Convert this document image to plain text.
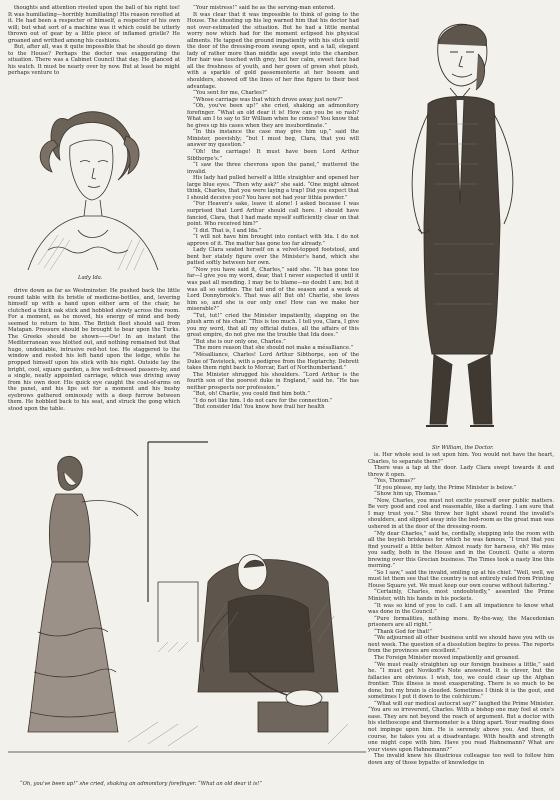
thoughts and attention riveted upon the ball of his right toe! It was humiliating—horribly humiliating! His reason revolted at it. He had been a respecter of himself, a respecter of his own will; but what sort of a machine was it which could be utterly thrown out of gear by a little piece of inflamed gristle? He groaned and writhed among his cushions.

But, after all, was it quite impossible that he should go down to the House? Perhaps the doctor was exaggerating the situation. There was a Cabinet Council that day. He glanced at his watch. It must be nearly over by now. But at least he might perhaps venture to

Lady Ida.

drive down as far as Westminster. He pushed back the little round table with its bristle of medicine-bottles, and, levering himself up with a hand upon either arm of the chair, he clutched a thick oak stick and hobbled slowly across the room. For a moment, as he moved, his energy of mind and body seemed to return to him. The British fleet should sail from Matapan. Pressure should be brought to bear upon the Turks. The Greeks should be shown——Ow! In an instant the Mediterranean was blotted out, and nothing remained but that huge, undeniable, intrusive red-hot toe. He staggered to the window and rested his left hand upon the ledge, while he propped himself upon his stick with his right. Outside lay the bright, cool, square garden, a few well-dressed passers-by, and a single, neatly appointed carriage, which was driving away from his own door. His quick eye caught the coat-of-arms on the panel, and his lips set for a moment and his bushy eyebrows gathered ominously with a deep furrow between them. He hobbled back to his seat, and struck the gong which stood upon the table.

“Your mistress!” said he as the serving-man entered.

It was clear that it was impossible to think of going to the House. The shooting up his leg warned him that his doctor had not over-estimated the situation. But he had a little mental worry now which had for the moment eclipsed his physical ailments. He tapped the ground impatiently with his stick until the door of the dressing-room swung open, and a tall, elegant lady of rather more than middle age swept into the chamber. Her hair was touched with grey, but her calm, sweet face had all the freshness of youth, and her gown of green shot plush, with a sparkle of gold passementerie at her bosom and shoulders, showed off the lines of her fine figure to their best advantage.

“You sent for me, Charles?”

“Whose carriage was that which drove away just now?”

“Oh, you've been up!” she cried, shaking an admonitory forefinger. “What an old dear it is! How can you be so rash? What am I to say to Sir William when he comes? You know that he gives up his cases when they are insubordinate.”

“In this instance the case may give him up,” said the Minister, peevishly; “but I must beg, Clara, that you will answer my question.”

“Oh! the carriage! It must have been Lord Arthur Sibthorpe's.”

“I saw the three chevrons upon the panel,” muttered the invalid.

His lady had pulled herself a little straighter and opened her large blue eyes. “Then why ask?” she said. “One might almost think, Charles, that you were laying a trap! Did you expect that I should deceive you? You have not had your lithia powder.”

“For Heaven's sake, leave it alone! I asked because I was surprised that Lord Arthur should call here. I should have fancied, Clara, that I had made myself sufficiently clear on that point. Who received him?”

“I did. That is, I and Ida.”

“I will not have him brought into contact with Ida. I do not approve of it. The matter has gone too far already.”

Lady Clara seated herself on a velvet-topped footstool, and bent her stately figure over the Minister's hand, which she patted softly between her own.

“Now you have said it, Charles,” said she. “It has gone too far—I give you my word, dear, that I never suspected it until it was past all mending. I may be to blame—no doubt I am; but it was all so sudden. The tail end of the season and a week at Lord Donnybrook's. That was all! But oh! Charlie, she loves him so, and she is our only one! How can we make her miserable?”

“Tut, tut!” cried the Minister impatiently, slapping on the plush arm of his chair. “This is too much. I tell you, Clara, I give you my word, that all my official duties, all the affairs of this great empire, do not give me the trouble that Ida does.”

“But she is our only one, Charles.”

“The more reason that she should not make a mésalliance.”

“Mésalliance, Charles! Lord Arthur Sibthorpe, son of the Duke of Tavistock, with a pedigree from the Heptarchy. Debrett takes them right back to Morcar, Earl of Northumberland.”

The Minister shrugged his shoulders. “Lord Arthur is the fourth son of the poorest duke in England,” said he. “He has neither prospects nor profession.”

“But, oh! Charlie, you could find him both.”

“I do not like him. I do not care for the connection.”

“But consider Ida! You know how frail her health

Sir William, the Doctor.
“Oh, you've been up!” she cried, shaking an admonitory forefinger. “What an old dear it is!”

is. Her whole soul is set upon him. You would not have the heart, Charles, to separate them?”

There was a tap at the door. Lady Clara swept towards it and threw it open.

“Yes, Thomas?”

“If you please, my lady, the Prime Minister is below.”

“Show him up, Thomas.”

“Now, Charles, you must not excite yourself over public matters. Be very good and cool and reasonable, like a darling. I am sure that I may trust you.” She threw her light shawl round the invalid's shoulders, and slipped away into the bed-room as the great man was ushered in at the door of the dressing-room.

“My dear Charles,” said he, cordially, stepping into the room with all the boyish briskness for which he was famous, “I trust that you find yourself a little better. Almost ready for harness, eh? We miss you sadly, both in the House and in the Council. Quite a storm brewing over this Grecian business. The Times took a nasty line this morning.”

“So I saw,” said the invalid, smiling up at his chief. “Well, well, we must let them see that the country is not entirely ruled from Printing House Square yet. We must keep our own course without faltering.”

“Certainly, Charles, most undoubtedly,” assented the Prime Minister, with his hands in his pockets.

“It was so kind of you to call. I am all impatience to know what was done in the Council.”

“Pure formalities, nothing more. By-the-way, the Macedonian prisoners are all right.”

“Thank God for that!”

“We adjourned all other business until we should have you with us next week. The question of a dissolution begins to press. The reports from the provinces are excellent.”

The Foreign Minister moved impatiently and groaned.

“We must really straighten up our foreign business a little,” said he. “I must get Novikoff's Note answered. It is clever, but the fallacies are obvious. I wish, too, we could clear up the Afghan frontier. This illness is most exasperating. There is so much to be done, but my brain is clouded. Sometimes I think it is the gout, and sometimes I put it down to the colchicum.”

“What will our medical autocrat say?” laughed the Prime Minister. “You are so irreverent, Charles. With a bishop one may feel at one's ease. They are not beyond the reach of argument. But a doctor with his stethoscope and thermometer is a thing apart. Your reading does not impinge upon him. He is serenely above you. And then, of course, he takes you at a disadvantage. With health and strength one might cope with him. Have you read Hahnemann? What are your views upon Hahnemann?”

The invalid knew his illustrious colleague too well to follow him down any of those bypaths of knowledge in
